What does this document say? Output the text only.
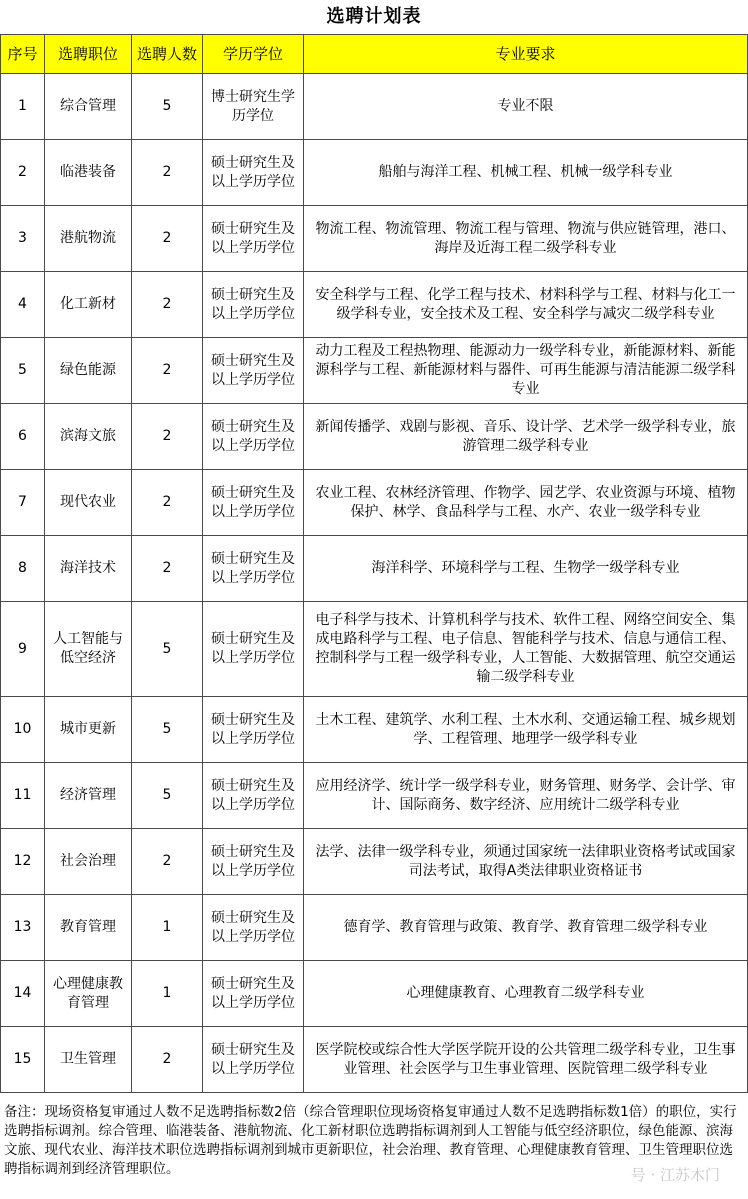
选聘计划表
序号	选聘职位	选聘人数	学历学位	专业要求
1	综合管理	5	博士研究生学历学位	专业不限
2	临港装备	2	硕士研究生及以上学历学位	船舶与海洋工程、机械工程、机械一级学科专业
3	港航物流	2	硕士研究生及以上学历学位	物流工程、物流管理、物流工程与管理、物流与供应链管理，港口、海岸及近海工程二级学科专业
4	化工新材	2	硕士研究生及以上学历学位	安全科学与工程、化学工程与技术、材料科学与工程、材料与化工一级学科专业，安全技术及工程、安全科学与减灾二级学科专业
5	绿色能源	2	硕士研究生及以上学历学位	动力工程及工程热物理、能源动力一级学科专业，新能源材料、新能源科学与工程、新能源材料与器件、可再生能源与清洁能源二级学科专业
6	滨海文旅	2	硕士研究生及以上学历学位	新闻传播学、戏剧与影视、音乐、设计学、艺术学一级学科专业，旅游管理二级学科专业
7	现代农业	2	硕士研究生及以上学历学位	农业工程、农林经济管理、作物学、园艺学、农业资源与环境、植物保护、林学、食品科学与工程、水产、农业一级学科专业
8	海洋技术	2	硕士研究生及以上学历学位	海洋科学、环境科学与工程、生物学一级学科专业
9	人工智能与低空经济	5	硕士研究生及以上学历学位	电子科学与技术、计算机科学与技术、软件工程、网络空间安全、集成电路科学与工程、电子信息、智能科学与技术、信息与通信工程、控制科学与工程一级学科专业，人工智能、大数据管理、航空交通运输二级学科专业
10	城市更新	5	硕士研究生及以上学历学位	土木工程、建筑学、水利工程、土木水利、交通运输工程、城乡规划学、工程管理、地理学一级学科专业
11	经济管理	5	硕士研究生及以上学历学位	应用经济学、统计学一级学科专业，财务管理、财务学、会计学、审计、国际商务、数字经济、应用统计二级学科专业
12	社会治理	2	硕士研究生及以上学历学位	法学、法律一级学科专业，须通过国家统一法律职业资格考试或国家司法考试，取得A类法律职业资格证书
13	教育管理	1	硕士研究生及以上学历学位	德育学、教育管理与政策、教育学、教育管理二级学科专业
14	心理健康教育管理	1	硕士研究生及以上学历学位	心理健康教育、心理教育二级学科专业
15	卫生管理	2	硕士研究生及以上学历学位	医学院校或综合性大学医学院开设的公共管理二级学科专业，卫生事业管理、社会医学与卫生事业管理、医院管理二级学科专业
备注：现场资格复审通过人数不足选聘指标数2倍（综合管理职位现场资格复审通过人数不足选聘指标数1倍）的职位，实行选聘指标调剂。综合管理、临港装备、港航物流、化工新材职位选聘指标调剂到人工智能与低空经济职位，绿色能源、滨海文旅、现代农业、海洋技术职位选聘指标调剂到城市更新职位，社会治理、教育管理、心理健康教育管理、卫生管理职位选聘指标调剂到经济管理职位。	号 · 江苏木门
